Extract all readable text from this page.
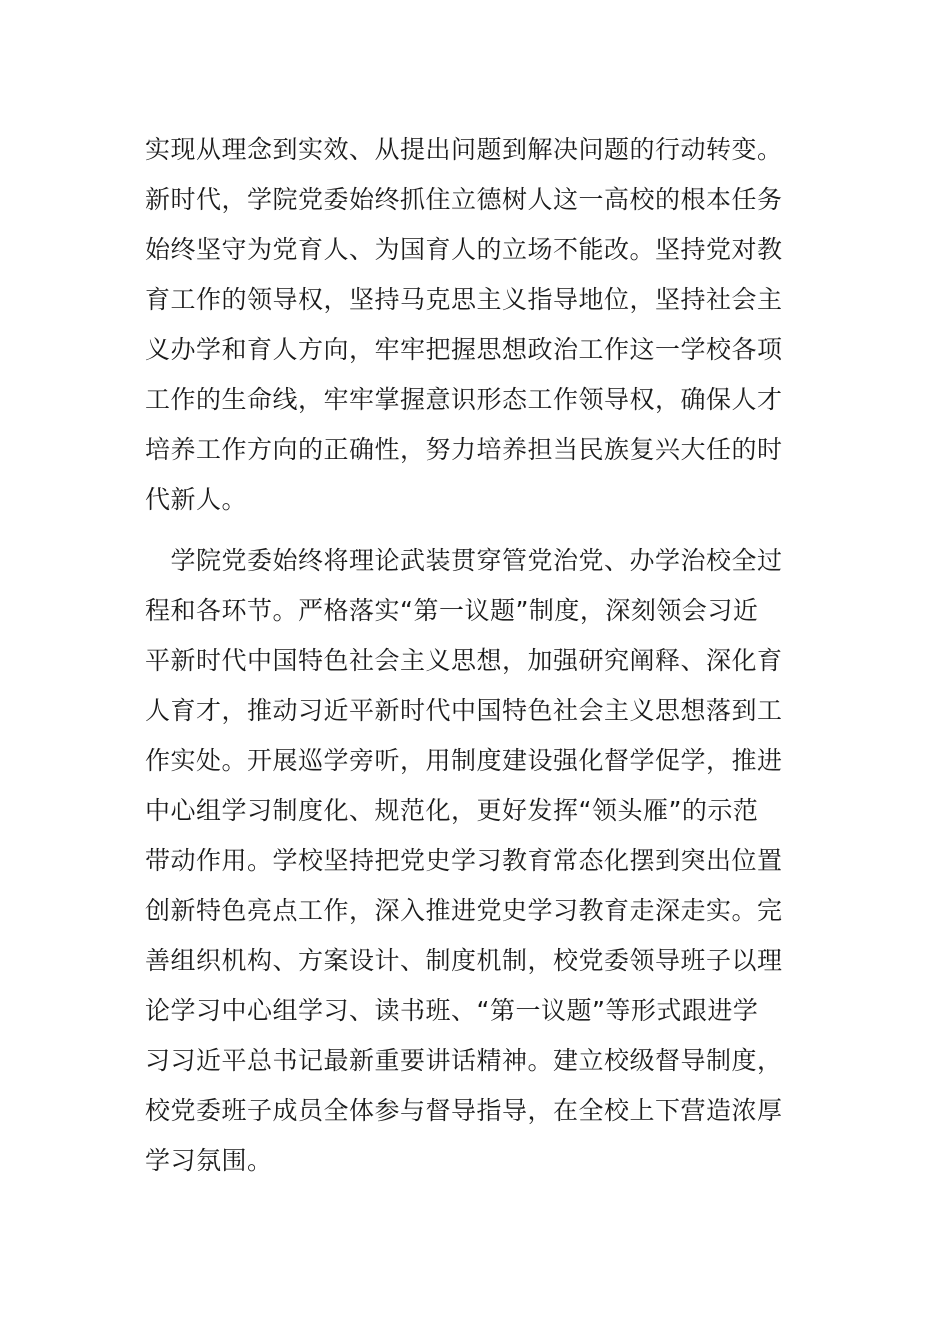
实现从理念到实效、从提出问题到解决问题的行动转变。
新时代，学院党委始终抓住立德树人这一高校的根本任务
始终坚守为党育人、为国育人的立场不能改。坚持党对教
育工作的领导权，坚持马克思主义指导地位，坚持社会主
义办学和育人方向，牢牢把握思想政治工作这一学校各项
工作的生命线，牢牢掌握意识形态工作领导权，确保人才
培养工作方向的正确性，努力培养担当民族复兴大任的时
代新人。
　学院党委始终将理论武装贯穿管党治党、办学治校全过
程和各环节。严格落实“第一议题”制度，深刻领会习近
平新时代中国特色社会主义思想，加强研究阐释、深化育
人育才，推动习近平新时代中国特色社会主义思想落到工
作实处。开展巡学旁听，用制度建设强化督学促学，推进
中心组学习制度化、规范化，更好发挥“领头雁”的示范
带动作用。学校坚持把党史学习教育常态化摆到突出位置
创新特色亮点工作，深入推进党史学习教育走深走实。完
善组织机构、方案设计、制度机制，校党委领导班子以理
论学习中心组学习、读书班、“第一议题”等形式跟进学
习习近平总书记最新重要讲话精神。建立校级督导制度，
校党委班子成员全体参与督导指导，在全校上下营造浓厚
学习氛围。
